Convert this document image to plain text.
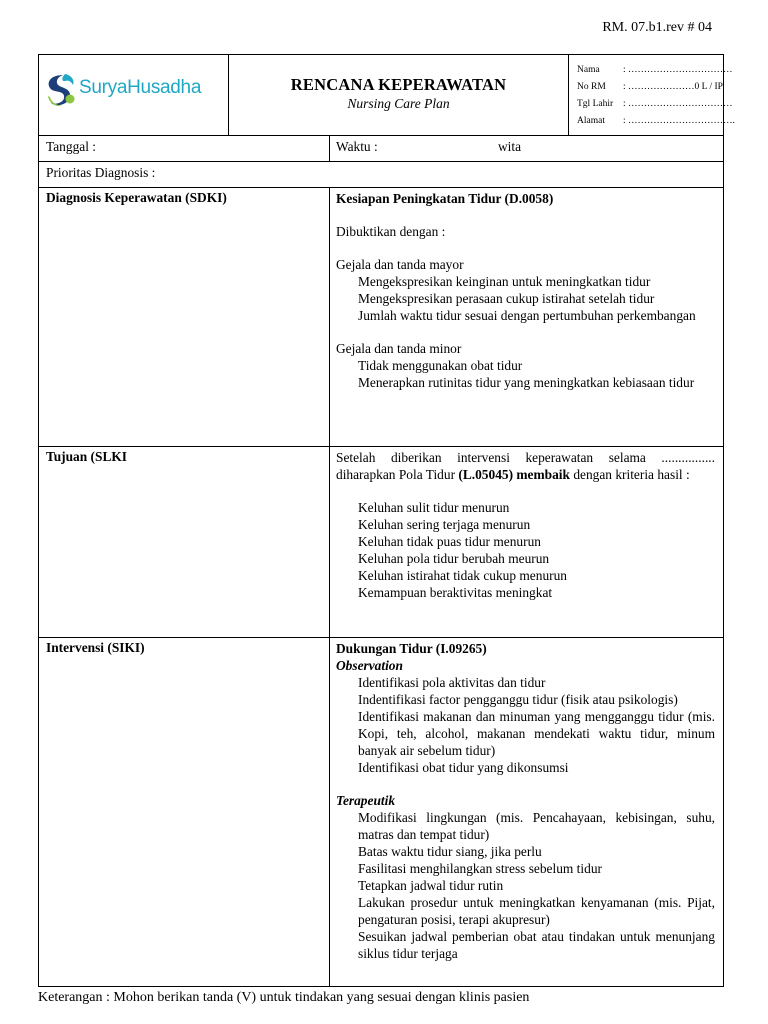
RM. 07.b1.rev # 04
SuryaHusadha	RENCANA KEPERAWATAN
Nursing Care Plan
Nama : ……………………………
No RM : …………………0 L / IP
Tgl Lahir : ……………………………
Alamat : …………………………….
Tanggal :	Waktu :	wita
Prioritas Diagnosis :
Diagnosis Keperawatan (SDKI)	Kesiapan Peningkatan Tidur (D.0058)

Dibuktikan dengan :

Gejala dan tanda mayor

Mengekspresikan keinginan untuk meningkatkan tidur
Mengekspresikan perasaan cukup istirahat setelah tidur
Jumlah waktu tidur sesuai dengan pertumbuhan perkembangan

Gejala dan tanda minor

Tidak menggunakan obat tidur
Menerapkan rutinitas tidur yang meningkatkan kebiasaan tidur
Tujuan (SLKI	Setelah diberikan intervensi keperawatan selama ................ diharapkan Pola Tidur (L.05045) membaik dengan kriteria hasil :

Keluhan sulit tidur menurun
Keluhan sering terjaga menurun
Keluhan tidak puas tidur menurun
Keluhan pola tidur berubah meurun
Keluhan istirahat tidak cukup menurun
Kemampuan beraktivitas meningkat
Intervensi (SIKI)	Dukungan Tidur (I.09265)

Observation

Identifikasi pola aktivitas dan tidur
Indentifikasi factor pengganggu tidur (fisik atau psikologis)
Identifikasi makanan dan minuman yang mengganggu tidur (mis. Kopi, teh, alcohol, makanan mendekati waktu tidur, minum banyak air sebelum tidur)
Identifikasi obat tidur yang dikonsumsi

Terapeutik

Modifikasi lingkungan (mis. Pencahayaan, kebisingan, suhu, matras dan tempat tidur)
Batas waktu tidur siang, jika perlu
Fasilitasi menghilangkan stress sebelum tidur
Tetapkan jadwal tidur rutin
Lakukan prosedur untuk meningkatkan kenyamanan (mis. Pijat, pengaturan posisi, terapi akupresur)
Sesuikan jadwal pemberian obat atau tindakan untuk menunjang siklus tidur terjaga
Keterangan : Mohon berikan tanda (V) untuk tindakan yang sesuai dengan klinis pasien
